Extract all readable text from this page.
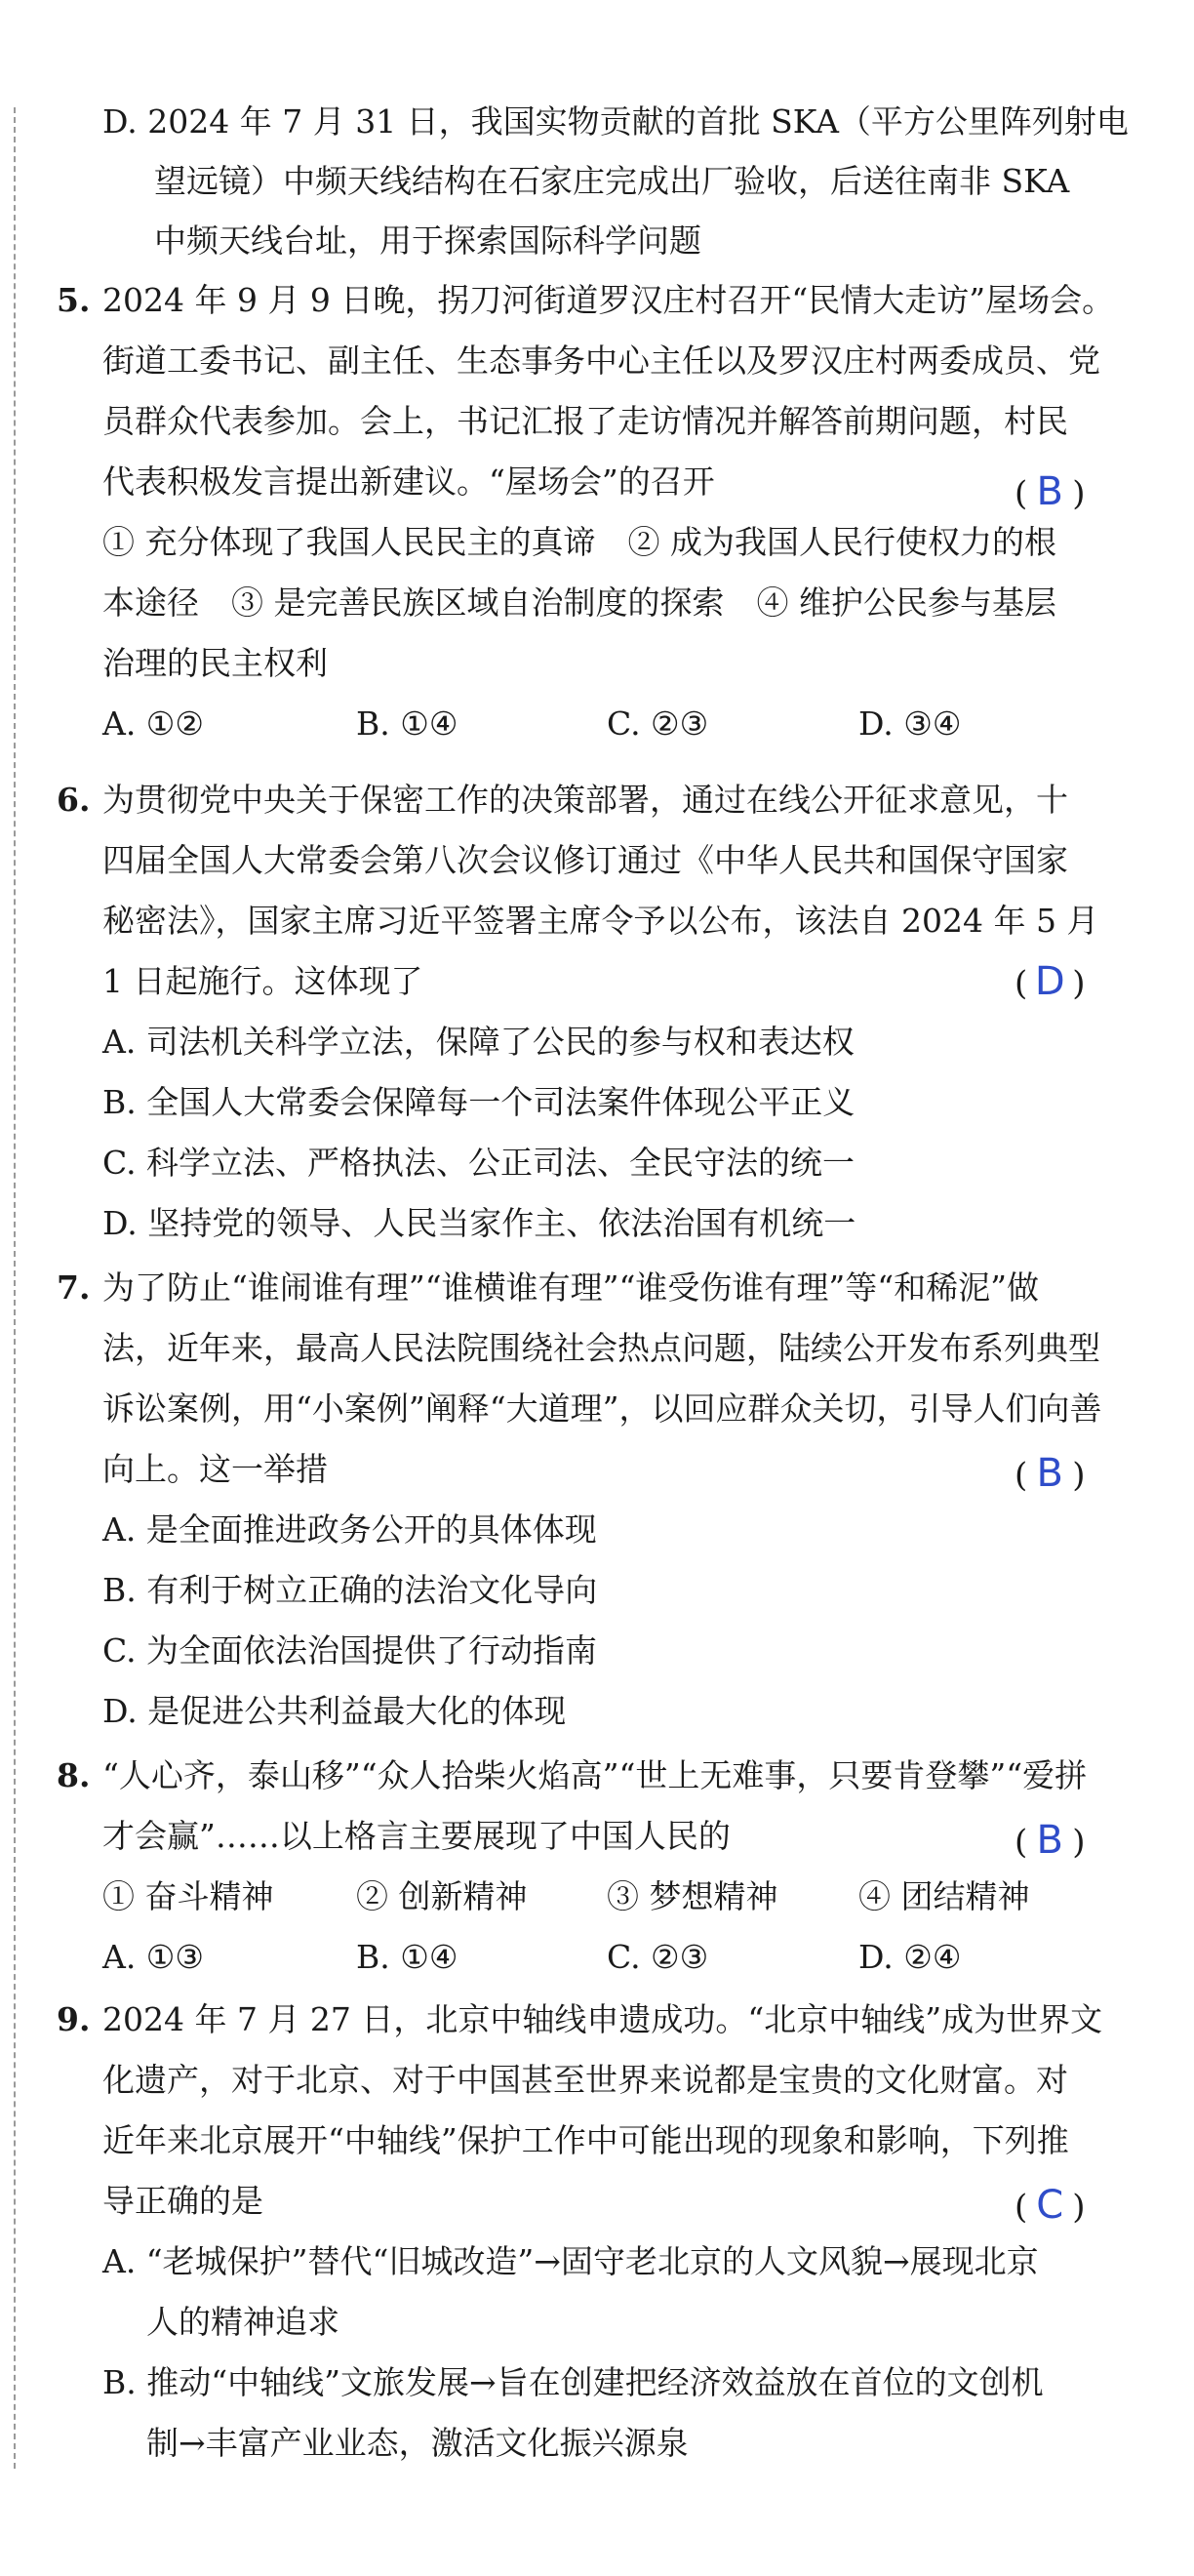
D. 2024 年 7 月 31 日，我国实物贡献的首批 SKA（平方公里阵列射电
望远镜）中频天线结构在石家庄完成出厂验收，后送往南非 SKA
中频天线台址，用于探索国际科学问题
5. 2024 年 9 月 9 日晚，拐刀河街道罗汉庄村召开“民情大走访”屋场会。
街道工委书记、副主任、生态事务中心主任以及罗汉庄村两委成员、党
员群众代表参加。会上，书记汇报了走访情况并解答前期问题，村民
代表积极发言提出新建议。“屋场会”的召开	( B )
① 充分体现了我国人民民主的真谛　② 成为我国人民行使权力的根
本途径　③ 是完善民族区域自治制度的探索　④ 维护公民参与基层
治理的民主权利
A. ①②	B. ①④	C. ②③	D. ③④
6. 为贯彻党中央关于保密工作的决策部署，通过在线公开征求意见，十
四届全国人大常委会第八次会议修订通过《中华人民共和国保守国家
秘密法》，国家主席习近平签署主席令予以公布，该法自 2024 年 5 月
1 日起施行。这体现了	( D )
A. 司法机关科学立法，保障了公民的参与权和表达权
B. 全国人大常委会保障每一个司法案件体现公平正义
C. 科学立法、严格执法、公正司法、全民守法的统一
D. 坚持党的领导、人民当家作主、依法治国有机统一
7. 为了防止“谁闹谁有理”“谁横谁有理”“谁受伤谁有理”等“和稀泥”做
法，近年来，最高人民法院围绕社会热点问题，陆续公开发布系列典型
诉讼案例，用“小案例”阐释“大道理”，以回应群众关切，引导人们向善
向上。这一举措	( B )
A. 是全面推进政务公开的具体体现
B. 有利于树立正确的法治文化导向
C. 为全面依法治国提供了行动指南
D. 是促进公共利益最大化的体现
8. “人心齐，泰山移”“众人拾柴火焰高”“世上无难事，只要肯登攀”“爱拼
才会赢”……以上格言主要展现了中国人民的	( B )
① 奋斗精神	② 创新精神 ③ 梦想精神	④ 团结精神
A. ①③	B. ①④	C. ②③	D. ②④
9. 2024 年 7 月 27 日，北京中轴线申遗成功。“北京中轴线”成为世界文
化遗产，对于北京、对于中国甚至世界来说都是宝贵的文化财富。对
近年来北京展开“中轴线”保护工作中可能出现的现象和影响，下列推
导正确的是	( C )
A. “老城保护”替代“旧城改造”→固守老北京的人文风貌→展现北京
人的精神追求
B. 推动“中轴线”文旅发展→旨在创建把经济效益放在首位的文创机
制→丰富产业业态，激活文化振兴源泉
